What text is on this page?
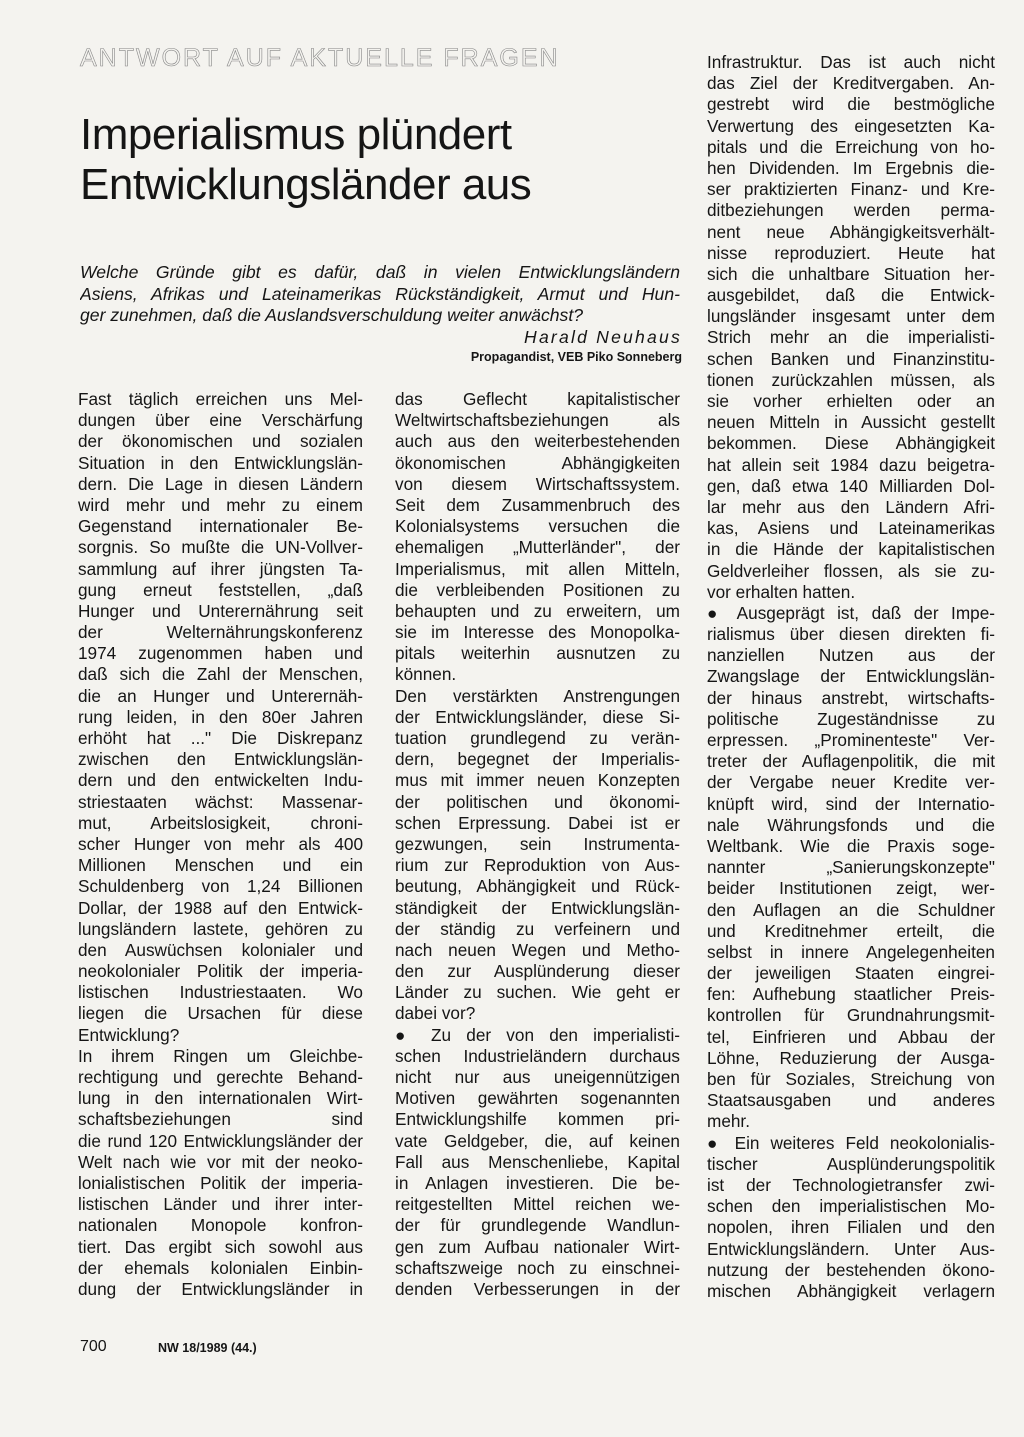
ANTWORT AUF AKTUELLE FRAGEN
Imperialismus plündert
Entwicklungsländer aus
Welche Gründe gibt es dafür, daß in vielen Entwicklungsländern
Asiens, Afrikas und Lateinamerikas Rückständigkeit, Armut und Hun-
ger zunehmen, daß die Auslandsverschuldung weiter anwächst?
Harald Neuhaus
Propagandist, VEB Piko Sonneberg

Fast täglich erreichen uns Mel-

dungen über eine Verschärfung

der ökonomischen und sozialen

Situation in den Entwicklungslän-

dern. Die Lage in diesen Ländern

wird mehr und mehr zu einem

Gegenstand internationaler Be-

sorgnis. So mußte die UN-Vollver-

sammlung auf ihrer jüngsten Ta-

gung erneut feststellen, „daß

Hunger und Unterernährung seit

der Welternährungskonferenz

1974 zugenommen haben und

daß sich die Zahl der Menschen,

die an Hunger und Unterernäh-

rung leiden, in den 80er Jahren

erhöht hat ..." Die Diskrepanz

zwischen den Entwicklungslän-

dern und den entwickelten Indu-

striestaaten wächst: Massenar-

mut, Arbeitslosigkeit, chroni-

scher Hunger von mehr als 400

Millionen Menschen und ein

Schuldenberg von 1,24 Billionen

Dollar, der 1988 auf den Entwick-

lungsländern lastete, gehören zu

den Auswüchsen kolonialer und

neokolonialer Politik der imperia-

listischen Industriestaaten. Wo

liegen die Ursachen für diese

Entwicklung?

In ihrem Ringen um Gleichbe-

rechtigung und gerechte Behand-

lung in den internationalen Wirt-

schaftsbeziehungen sind

die rund 120 Entwicklungsländer der

Welt nach wie vor mit der neoko-

lonialistischen Politik der imperia-

listischen Länder und ihrer inter-

nationalen Monopole konfron-

tiert. Das ergibt sich sowohl aus

der ehemals kolonialen Einbin-

dung der Entwicklungsländer in

das Geflecht kapitalistischer

Weltwirtschaftsbeziehungen als

auch aus den weiterbestehenden

ökonomischen Abhängigkeiten

von diesem Wirtschaftssystem.

Seit dem Zusammenbruch des

Kolonialsystems versuchen die

ehemaligen „Mutterländer", der

Imperialismus, mit allen Mitteln,

die verbleibenden Positionen zu

behaupten und zu erweitern, um

sie im Interesse des Monopolka-

pitals weiterhin ausnutzen zu

können.

Den verstärkten Anstrengungen

der Entwicklungsländer, diese Si-

tuation grundlegend zu verän-

dern, begegnet der Imperialis-

mus mit immer neuen Konzepten

der politischen und ökonomi-

schen Erpressung. Dabei ist er

gezwungen, sein Instrumenta-

rium zur Reproduktion von Aus-

beutung, Abhängigkeit und Rück-

ständigkeit der Entwicklungslän-

der ständig zu verfeinern und

nach neuen Wegen und Metho-

den zur Ausplünderung dieser

Länder zu suchen. Wie geht er

dabei vor?

● Zu der von den imperialisti-

schen Industrieländern durchaus

nicht nur aus uneigennützigen

Motiven gewährten sogenannten

Entwicklungshilfe kommen pri-

vate Geldgeber, die, auf keinen

Fall aus Menschenliebe, Kapital

in Anlagen investieren. Die be-

reitgestellten Mittel reichen we-

der für grundlegende Wandlun-

gen zum Aufbau nationaler Wirt-

schaftszweige noch zu einschnei-

denden Verbesserungen in der

Infrastruktur. Das ist auch nicht

das Ziel der Kreditvergaben. An-

gestrebt wird die bestmögliche

Verwertung des eingesetzten Ka-

pitals und die Erreichung von ho-

hen Dividenden. Im Ergebnis die-

ser praktizierten Finanz- und Kre-

ditbeziehungen werden perma-

nent neue Abhängigkeitsverhält-

nisse reproduziert. Heute hat

sich die unhaltbare Situation her-

ausgebildet, daß die Entwick-

lungsländer insgesamt unter dem

Strich mehr an die imperialisti-

schen Banken und Finanzinstitu-

tionen zurückzahlen müssen, als

sie vorher erhielten oder an

neuen Mitteln in Aussicht gestellt

bekommen. Diese Abhängigkeit

hat allein seit 1984 dazu beigetra-

gen, daß etwa 140 Milliarden Dol-

lar mehr aus den Ländern Afri-

kas, Asiens und Lateinamerikas

in die Hände der kapitalistischen

Geldverleiher flossen, als sie zu-

vor erhalten hatten.

● Ausgeprägt ist, daß der Impe-

rialismus über diesen direkten fi-

nanziellen Nutzen aus der

Zwangslage der Entwicklungslän-

der hinaus anstrebt, wirtschafts-

politische Zugeständnisse zu

erpressen. „Prominenteste" Ver-

treter der Auflagenpolitik, die mit

der Vergabe neuer Kredite ver-

knüpft wird, sind der Internatio-

nale Währungsfonds und die

Weltbank. Wie die Praxis soge-

nannter „Sanierungskonzepte"

beider Institutionen zeigt, wer-

den Auflagen an die Schuldner

und Kreditnehmer erteilt, die

selbst in innere Angelegenheiten

der jeweiligen Staaten eingrei-

fen: Aufhebung staatlicher Preis-

kontrollen für Grundnahrungsmit-

tel, Einfrieren und Abbau der

Löhne, Reduzierung der Ausga-

ben für Soziales, Streichung von

Staatsausgaben und anderes

mehr.

● Ein weiteres Feld neokolonialis-

tischer Ausplünderungspolitik

ist der Technologietransfer zwi-

schen den imperialistischen Mo-

nopolen, ihren Filialen und den

Entwicklungsländern. Unter Aus-

nutzung der bestehenden ökono-

mischen Abhängigkeit verlagern

700	NW 18/1989 (44.)
